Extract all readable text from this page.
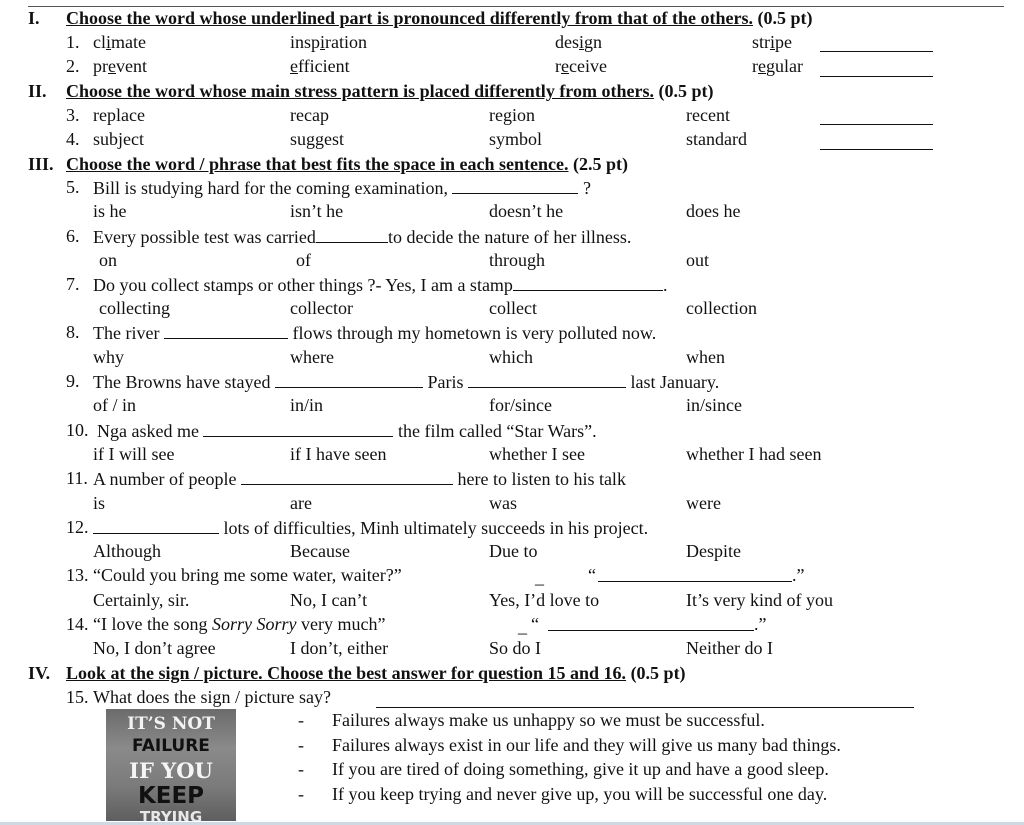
I. Choose the word whose underlined part is pronounced differently from that of the others. (0.5 pt)
1. climate	inspiration	design	stripe
2. prevent	efficient	receive	regular
II. Choose the word whose main stress pattern is placed differently from others. (0.5 pt)
3. replace	recap	region	recent
4. subject	suggest	symbol	standard
III. Choose the word / phrase that best fits the space in each sentence. (2.5 pt)
5. Bill is studying hard for the coming examination,	?
is he	isn’t he	doesn’t he	does he
6. Every possible test was carried	to decide the nature of her illness.
on	of	through	out
7. Do you collect stamps or other things ?- Yes, I am a stamp	.
collecting	collector	collect	collection
8. The river	flows through my hometown is very polluted now.
why	where	which	when
9. The Browns have stayed	Paris	last January.
of / in	in/in	for/since	in/since
10. Nga asked me	the film called “Star Wars”.
if I will see	if I have seen	whether I see	whether I had seen
11. A number of people	here to listen to his talk
is	are	was	were
12.	lots of difficulties, Minh ultimately succeeds in his project.
Although	Because	Due to	Despite
13. “Could you bring me some water, waiter?”	_ “	.”
Certainly, sir.	No, I can’t	Yes, I’d love to	It’s very kind of you
14. “I love the song Sorry Sorry very much”	_ “	.”
No, I don’t agree	I don’t, either	So do I	Neither do I
IV. Look at the sign / picture. Choose the best answer for question 15 and 16. (0.5 pt)
15. What does the sign / picture say?
IT’S NOT
FAILURE
IF YOU
KEEP
TRYING
- Failures always make us unhappy so we must be successful.
- Failures always exist in our life and they will give us many bad things.
- If you are tired of doing something, give it up and have a good sleep.
- If you keep trying and never give up, you will be successful one day.
